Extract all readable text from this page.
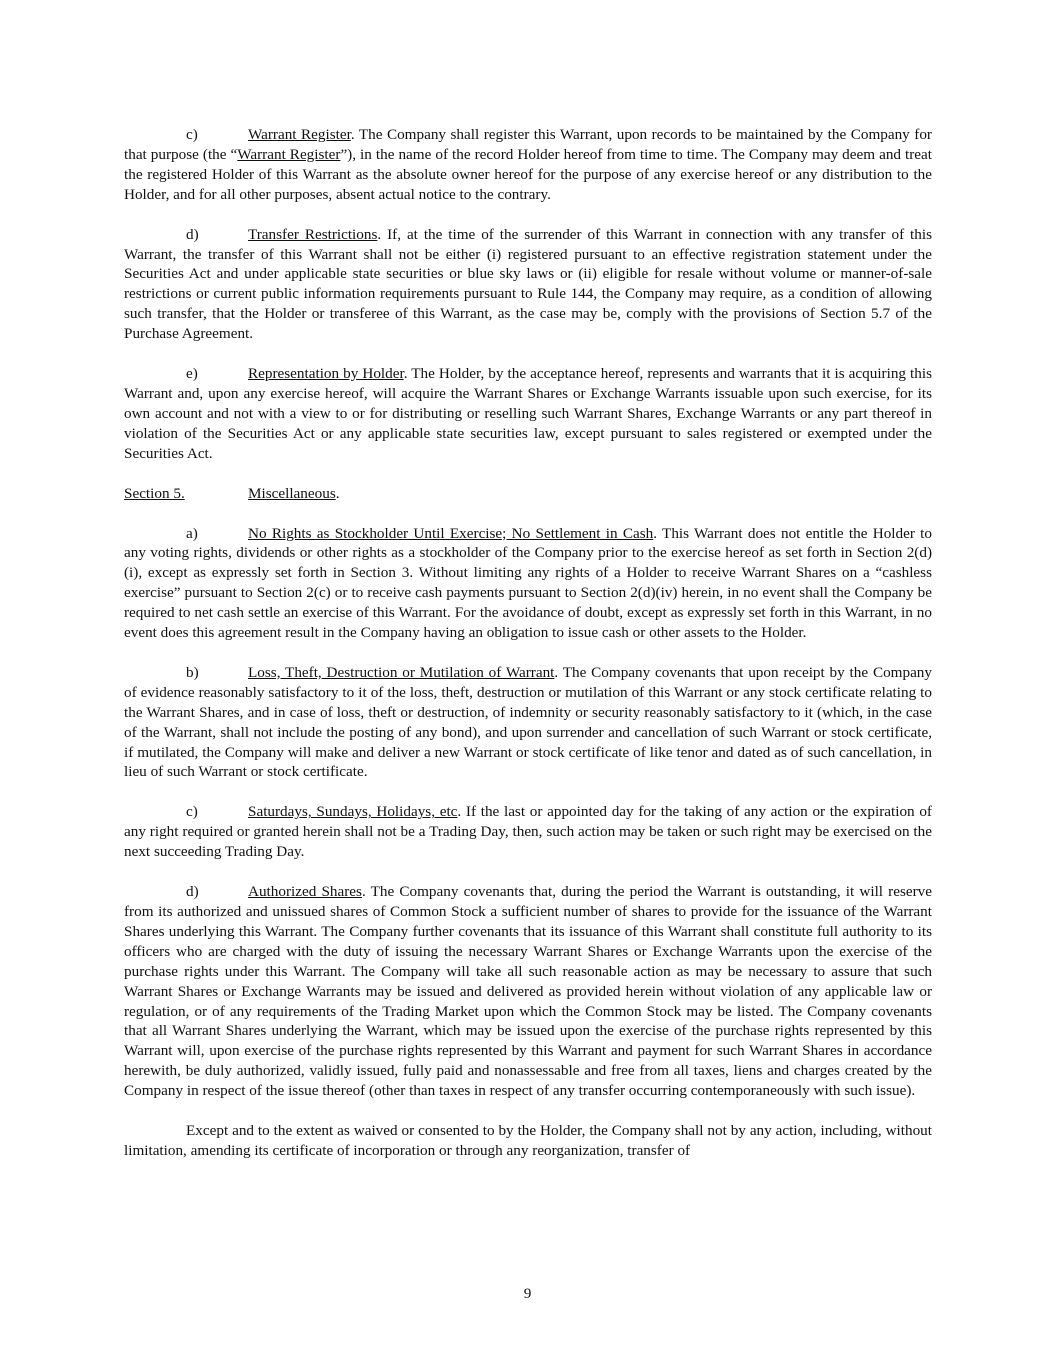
c)	Warrant Register. The Company shall register this Warrant, upon records to be maintained by the Company for that purpose (the “Warrant Register”), in the name of the record Holder hereof from time to time. The Company may deem and treat the registered Holder of this Warrant as the absolute owner hereof for the purpose of any exercise hereof or any distribution to the Holder, and for all other purposes, absent actual notice to the contrary.

d)	Transfer Restrictions. If, at the time of the surrender of this Warrant in connection with any transfer of this Warrant, the transfer of this Warrant shall not be either (i) registered pursuant to an effective registration statement under the Securities Act and under applicable state securities or blue sky laws or (ii) eligible for resale without volume or manner-of-sale restrictions or current public information requirements pursuant to Rule 144, the Company may require, as a condition of allowing such transfer, that the Holder or transferee of this Warrant, as the case may be, comply with the provisions of Section 5.7 of the Purchase Agreement.

e)	Representation by Holder. The Holder, by the acceptance hereof, represents and warrants that it is acquiring this Warrant and, upon any exercise hereof, will acquire the Warrant Shares or Exchange Warrants issuable upon such exercise, for its own account and not with a view to or for distributing or reselling such Warrant Shares, Exchange Warrants or any part thereof in violation of the Securities Act or any applicable state securities law, except pursuant to sales registered or exempted under the Securities Act.

Section 5.	Miscellaneous.

a)	No Rights as Stockholder Until Exercise; No Settlement in Cash. This Warrant does not entitle the Holder to any voting rights, dividends or other rights as a stockholder of the Company prior to the exercise hereof as set forth in Section 2(d)(i), except as expressly set forth in Section 3. Without limiting any rights of a Holder to receive Warrant Shares on a “cashless exercise” pursuant to Section 2(c) or to receive cash payments pursuant to Section 2(d)(iv) herein, in no event shall the Company be required to net cash settle an exercise of this Warrant. For the avoidance of doubt, except as expressly set forth in this Warrant, in no event does this agreement result in the Company having an obligation to issue cash or other assets to the Holder.

b)	Loss, Theft, Destruction or Mutilation of Warrant. The Company covenants that upon receipt by the Company of evidence reasonably satisfactory to it of the loss, theft, destruction or mutilation of this Warrant or any stock certificate relating to the Warrant Shares, and in case of loss, theft or destruction, of indemnity or security reasonably satisfactory to it (which, in the case of the Warrant, shall not include the posting of any bond), and upon surrender and cancellation of such Warrant or stock certificate, if mutilated, the Company will make and deliver a new Warrant or stock certificate of like tenor and dated as of such cancellation, in lieu of such Warrant or stock certificate.

c)	Saturdays, Sundays, Holidays, etc. If the last or appointed day for the taking of any action or the expiration of any right required or granted herein shall not be a Trading Day, then, such action may be taken or such right may be exercised on the next succeeding Trading Day.

d)	Authorized Shares. The Company covenants that, during the period the Warrant is outstanding, it will reserve from its authorized and unissued shares of Common Stock a sufficient number of shares to provide for the issuance of the Warrant Shares underlying this Warrant. The Company further covenants that its issuance of this Warrant shall constitute full authority to its officers who are charged with the duty of issuing the necessary Warrant Shares or Exchange Warrants upon the exercise of the purchase rights under this Warrant. The Company will take all such reasonable action as may be necessary to assure that such Warrant Shares or Exchange Warrants may be issued and delivered as provided herein without violation of any applicable law or regulation, or of any requirements of the Trading Market upon which the Common Stock may be listed. The Company covenants that all Warrant Shares underlying the Warrant, which may be issued upon the exercise of the purchase rights represented by this Warrant will, upon exercise of the purchase rights represented by this Warrant and payment for such Warrant Shares in accordance herewith, be duly authorized, validly issued, fully paid and nonassessable and free from all taxes, liens and charges created by the Company in respect of the issue thereof (other than taxes in respect of any transfer occurring contemporaneously with such issue).

Except and to the extent as waived or consented to by the Holder, the Company shall not by any action, including, without limitation, amending its certificate of incorporation or through any reorganization, transfer of

9
